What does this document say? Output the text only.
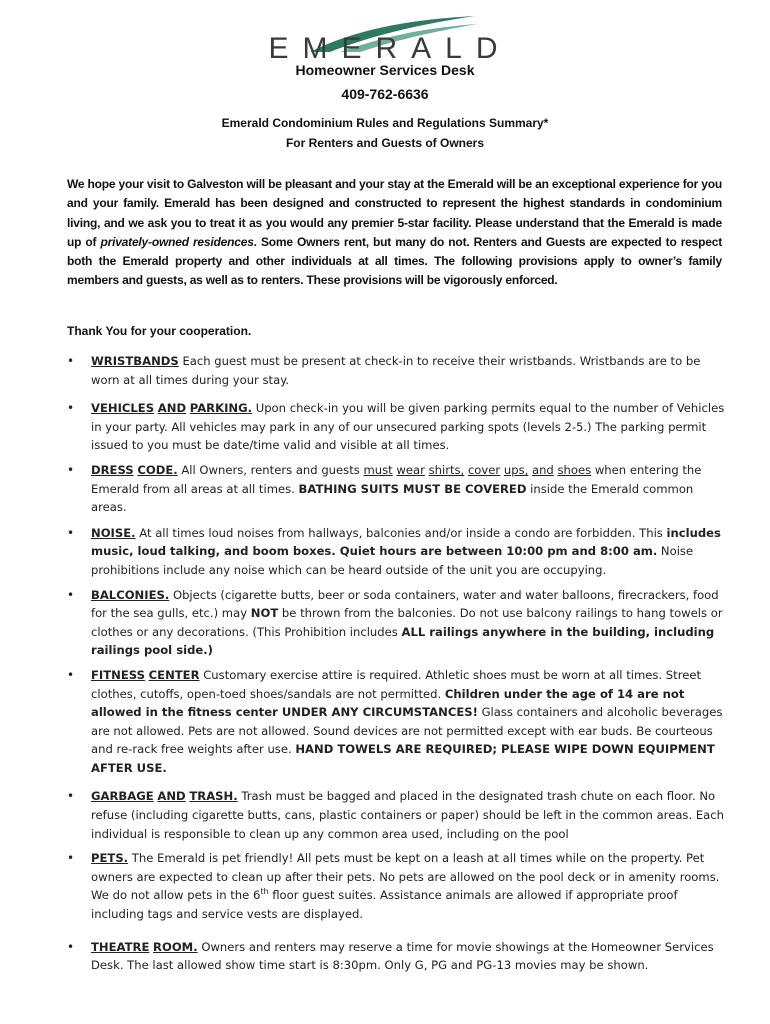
EMERALD
Homeowner Services Desk
409-762-6636
Emerald Condominium Rules and Regulations Summary*
For Renters and Guests of Owners

We hope your visit to Galveston will be pleasant and your stay at the Emerald will be an exceptional experience for you and your family. Emerald has been designed and constructed to represent the highest standards in condominium living, and we ask you to treat it as you would any premier 5-star facility. Please understand that the Emerald is made up of privately-owned residences. Some Owners rent, but many do not. Renters and Guests are expected to respect both the Emerald property and other individuals at all times. The following provisions apply to owner’s family members and guests, as well as to renters. These provisions will be vigorously enforced.

Thank You for your cooperation.

• WRISTBANDS Each guest must be present at check-in to receive their wristbands. Wristbands are to be worn at all times during your stay.

• VEHICLES AND PARKING. Upon check-in you will be given parking permits equal to the number of Vehicles in your party. All vehicles may park in any of our unsecured parking spots (levels 2-5.) The parking permit issued to you must be date/time valid and visible at all times.

• DRESS CODE. All Owners, renters and guests must wear shirts, cover ups, and shoes when entering the Emerald from all areas at all times. BATHING SUITS MUST BE COVERED inside the Emerald common areas.

• NOISE. At all times loud noises from hallways, balconies and/or inside a condo are forbidden. This includes music, loud talking, and boom boxes. Quiet hours are between 10:00 pm and 8:00 am. Noise prohibitions include any noise which can be heard outside of the unit you are occupying.

• BALCONIES. Objects (cigarette butts, beer or soda containers, water and water balloons, firecrackers, food for the sea gulls, etc.) may NOT be thrown from the balconies. Do not use balcony railings to hang towels or clothes or any decorations. (This Prohibition includes ALL railings anywhere in the building, including railings pool side.)

• FITNESS CENTER Customary exercise attire is required. Athletic shoes must be worn at all times. Street clothes, cutoffs, open-toed shoes/sandals are not permitted. Children under the age of 14 are not allowed in the fitness center UNDER ANY CIRCUMSTANCES! Glass containers and alcoholic beverages are not allowed. Pets are not allowed. Sound devices are not permitted except with ear buds. Be courteous and re-rack free weights after use. HAND TOWELS ARE REQUIRED; PLEASE WIPE DOWN EQUIPMENT AFTER USE.

• GARBAGE AND TRASH. Trash must be bagged and placed in the designated trash chute on each floor. No refuse (including cigarette butts, cans, plastic containers or paper) should be left in the common areas. Each individual is responsible to clean up any common area used, including on the pool

• PETS. The Emerald is pet friendly! All pets must be kept on a leash at all times while on the property. Pet owners are expected to clean up after their pets. No pets are allowed on the pool deck or in amenity rooms. We do not allow pets in the 6th floor guest suites. Assistance animals are allowed if appropriate proof including tags and service vests are displayed.

• THEATRE ROOM. Owners and renters may reserve a time for movie showings at the Homeowner Services Desk. The last allowed show time start is 8:30pm. Only G, PG and PG-13 movies may be shown.
